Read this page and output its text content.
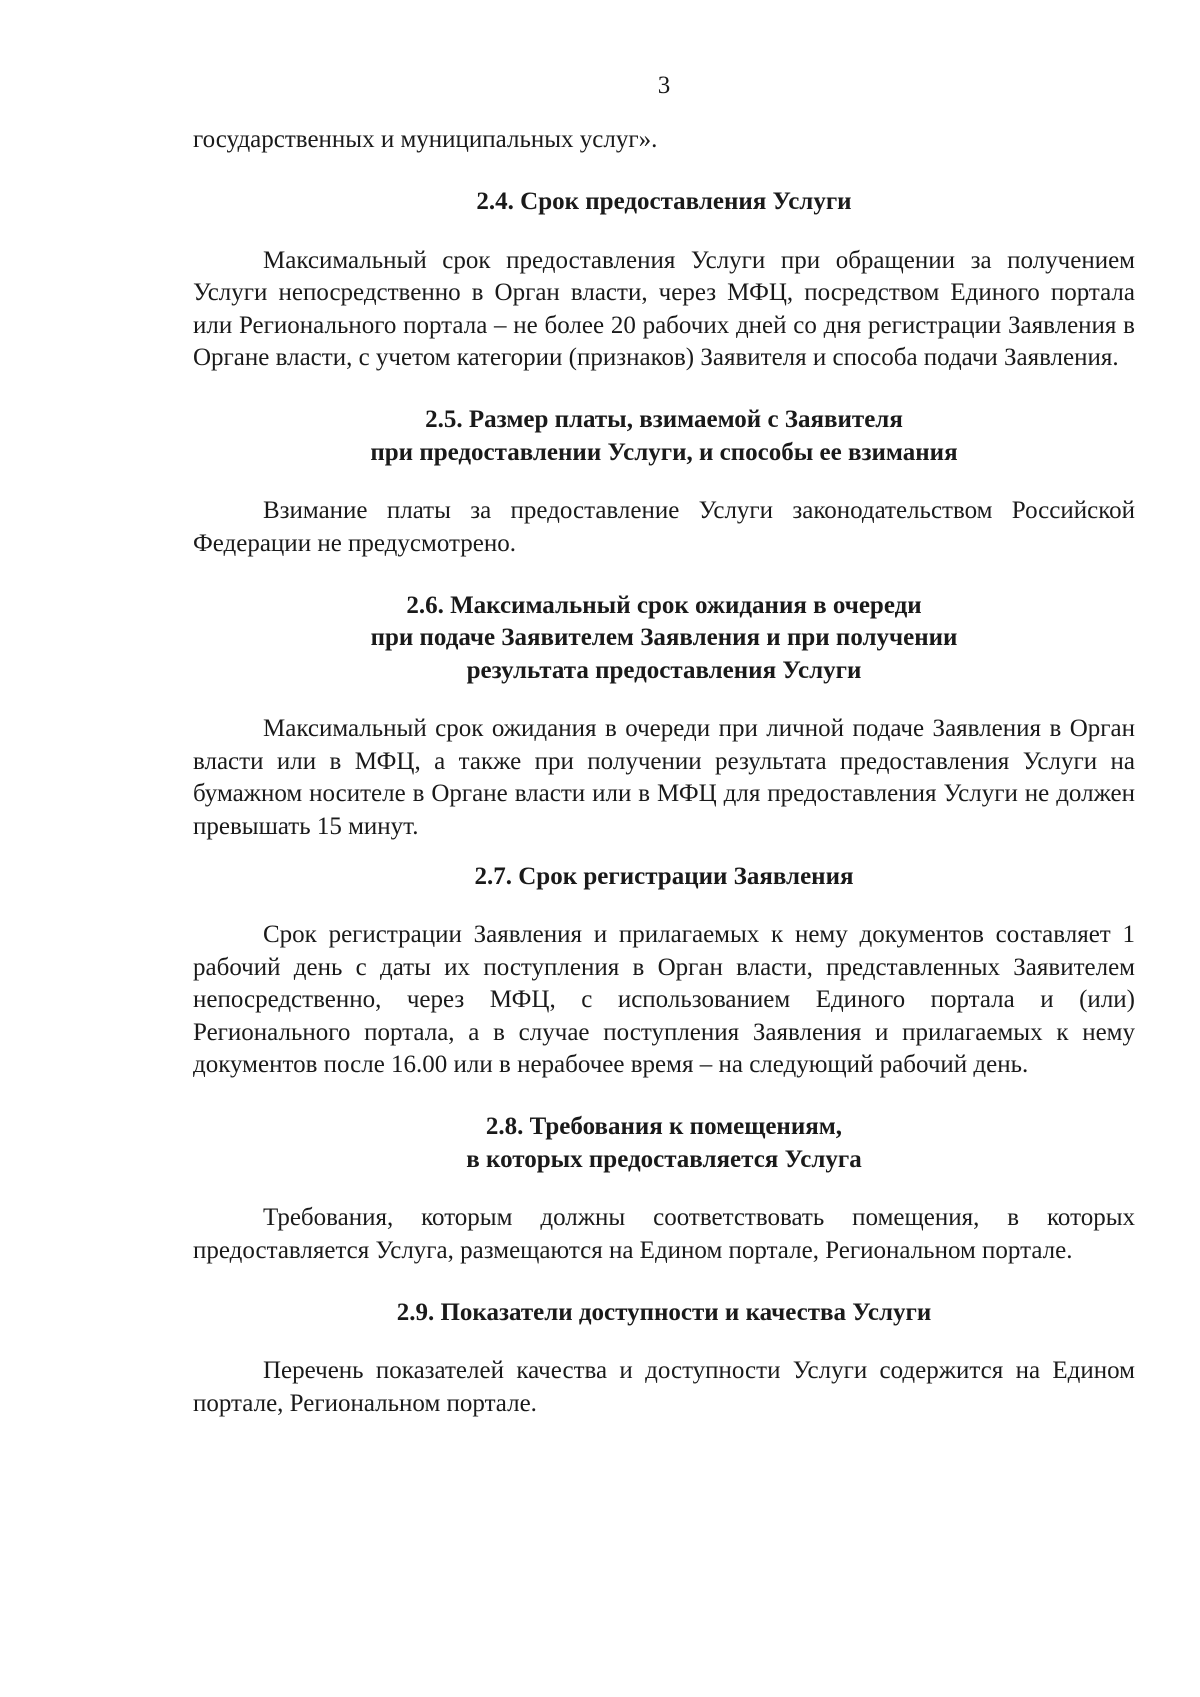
3

государственных и муниципальных услуг».

2.4. Срок предоставления Услуги

Максимальный срок предоставления Услуги при обращении за получением Услуги непосредственно в Орган власти, через МФЦ, посредством Единого портала или Регионального портала – не более 20 рабочих дней со дня регистрации Заявления в Органе власти, с учетом категории (признаков) Заявителя и способа подачи Заявления.

2.5. Размер платы, взимаемой с Заявителя
при предоставлении Услуги, и способы ее взимания

Взимание платы за предоставление Услуги законодательством Российской Федерации не предусмотрено.

2.6. Максимальный срок ожидания в очереди
при подаче Заявителем Заявления и при получении
результата предоставления Услуги

Максимальный срок ожидания в очереди при личной подаче Заявления в Орган власти или в МФЦ, а также при получении результата предоставления Услуги на бумажном носителе в Органе власти или в МФЦ для предоставления Услуги не должен превышать 15 минут.

2.7. Срок регистрации Заявления

Срок регистрации Заявления и прилагаемых к нему документов составляет 1 рабочий день с даты их поступления в Орган власти, представленных Заявителем непосредственно, через МФЦ, с использованием Единого портала и (или) Регионального портала, а в случае поступления Заявления и прилагаемых к нему документов после 16.00 или в нерабочее время – на следующий рабочий день.

2.8. Требования к помещениям,
в которых предоставляется Услуга

Требования, которым должны соответствовать помещения, в которых предоставляется Услуга, размещаются на Едином портале, Региональном портале.

2.9. Показатели доступности и качества Услуги

Перечень показателей качества и доступности Услуги содержится на Едином портале, Региональном портале.
